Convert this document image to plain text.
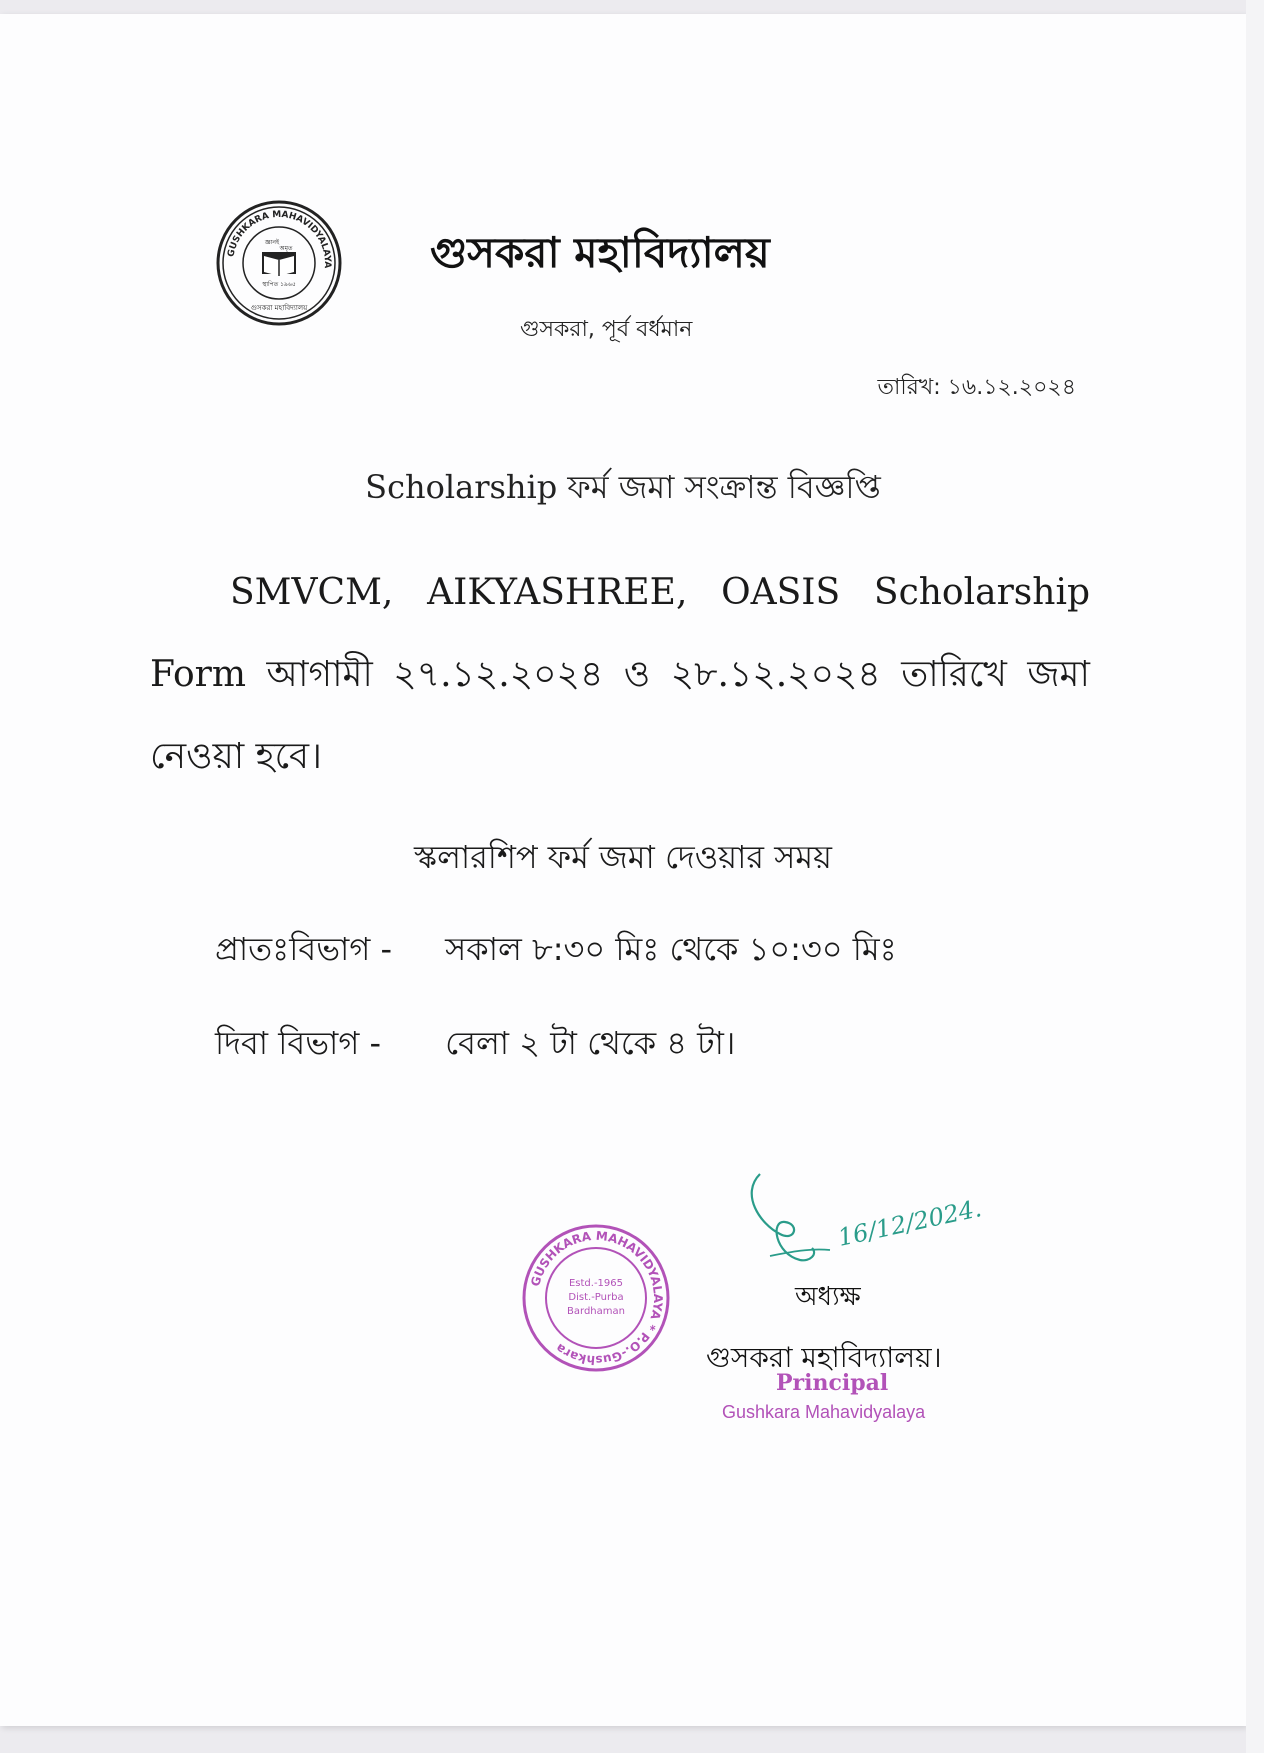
GUSHKARA MAHAVIDYALAYA
গুসকরা মহাবিদ্যালয়
জ্ঞানই
অমৃত
স্থাপিত ১৯৬৫
গুসকরা মহাবিদ্যালয়
গুসকরা, পূর্ব বর্ধমান
তারিখ: ১৬.১২.২০২৪
Scholarship ফর্ম জমা সংক্রান্ত বিজ্ঞপ্তি
SMVCM, AIKYASHREE, OASIS Scholarship Form আগামী ২৭.১২.২০২৪ ও ২৮.১২.২০২৪ তারিখে জমা নেওয়া হবে।
স্কলারশিপ ফর্ম জমা দেওয়ার সময়
প্রাতঃবিভাগ - সকাল ৮:৩০ মিঃ থেকে ১০:৩০ মিঃ
দিবা বিভাগ - বেলা ২ টা থেকে ৪ টা।
GUSHKARA MAHAVIDYALAYA * P.O.-Gushkara
Estd.-1965
Dist.-Purba
Bardhaman
16/12/2024.
অধ্যক্ষ
গুসকরা মহাবিদ্যালয়।
Principal
Gushkara Mahavidyalaya
